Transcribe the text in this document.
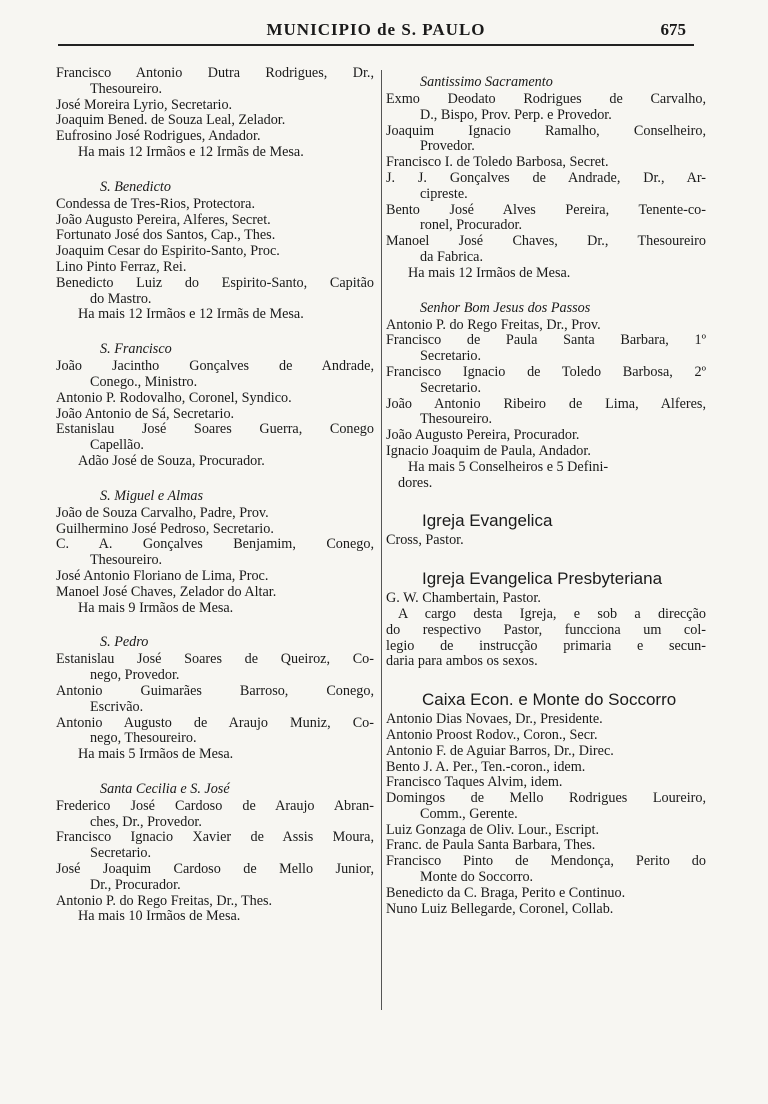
MUNICIPIO de S. PAULO	675
Francisco Antonio Dutra Rodrigues, Dr.,
Thesoureiro.
José Moreira Lyrio, Secretario.
Joaquim Bened. de Souza Leal, Zelador.
Eufrosino José Rodrigues, Andador.
Ha mais 12 Irmãos e 12 Irmãs de Mesa.
S. Benedicto
Condessa de Tres-Rios, Protectora.
João Augusto Pereira, Alferes, Secret.
Fortunato José dos Santos, Cap., Thes.
Joaquim Cesar do Espirito-Santo, Proc.
Lino Pinto Ferraz, Rei.
Benedicto Luiz do Espirito-Santo, Capitão
do Mastro.
Ha mais 12 Irmãos e 12 Irmãs de Mesa.
S. Francisco
João Jacintho Gonçalves de Andrade,
Conego., Ministro.
Antonio P. Rodovalho, Coronel, Syndico.
João Antonio de Sá, Secretario.
Estanislau José Soares Guerra, Conego
Capellão.
Adão José de Souza, Procurador.
S. Miguel e Almas
João de Souza Carvalho, Padre, Prov.
Guilhermino José Pedroso, Secretario.
C. A. Gonçalves Benjamim, Conego,
Thesoureiro.
José Antonio Floriano de Lima, Proc.
Manoel José Chaves, Zelador do Altar.
Ha mais 9 Irmãos de Mesa.
S. Pedro
Estanislau José Soares de Queiroz, Co-
nego, Provedor.
Antonio Guimarães Barroso, Conego,
Escrivão.
Antonio Augusto de Araujo Muniz, Co-
nego, Thesoureiro.
Ha mais 5 Irmãos de Mesa.
Santa Cecilia e S. José
Frederico José Cardoso de Araujo Abran-
ches, Dr., Provedor.
Francisco Ignacio Xavier de Assis Moura,
Secretario.
José Joaquim Cardoso de Mello Junior,
Dr., Procurador.
Antonio P. do Rego Freitas, Dr., Thes.
Ha mais 10 Irmãos de Mesa.
Santissimo Sacramento
Exmo Deodato Rodrigues de Carvalho,
D., Bispo, Prov. Perp. e Provedor.
Joaquim Ignacio Ramalho, Conselheiro,
Provedor.
Francisco I. de Toledo Barbosa, Secret.
J. J. Gonçalves de Andrade, Dr., Ar-
cipreste.
Bento José Alves Pereira, Tenente-co-
ronel, Procurador.
Manoel José Chaves, Dr., Thesoureiro
da Fabrica.
Ha mais 12 Irmãos de Mesa.
Senhor Bom Jesus dos Passos
Antonio P. do Rego Freitas, Dr., Prov.
Francisco de Paula Santa Barbara, 1º
Secretario.
Francisco Ignacio de Toledo Barbosa, 2º
Secretario.
João Antonio Ribeiro de Lima, Alferes,
Thesoureiro.
João Augusto Pereira, Procurador.
Ignacio Joaquim de Paula, Andador.
Ha mais 5 Conselheiros e 5 Defini-
dores.
Igreja Evangelica
Cross, Pastor.
Igreja Evangelica Presbyteriana
G. W. Chambertain, Pastor.
A cargo desta Igreja, e sob a direcção
do respectivo Pastor, funcciona um col-
legio de instrucção primaria e secun-
daria para ambos os sexos.
Caixa Econ. e Monte do Soccorro
Antonio Dias Novaes, Dr., Presidente.
Antonio Proost Rodov., Coron., Secr.
Antonio F. de Aguiar Barros, Dr., Direc.
Bento J. A. Per., Ten.-coron., idem.
Francisco Taques Alvim, idem.
Domingos de Mello Rodrigues Loureiro,
Comm., Gerente.
Luiz Gonzaga de Oliv. Lour., Escript.
Franc. de Paula Santa Barbara, Thes.
Francisco Pinto de Mendonça, Perito do
Monte do Soccorro.
Benedicto da C. Braga, Perito e Continuo.
Nuno Luiz Bellegarde, Coronel, Collab.
